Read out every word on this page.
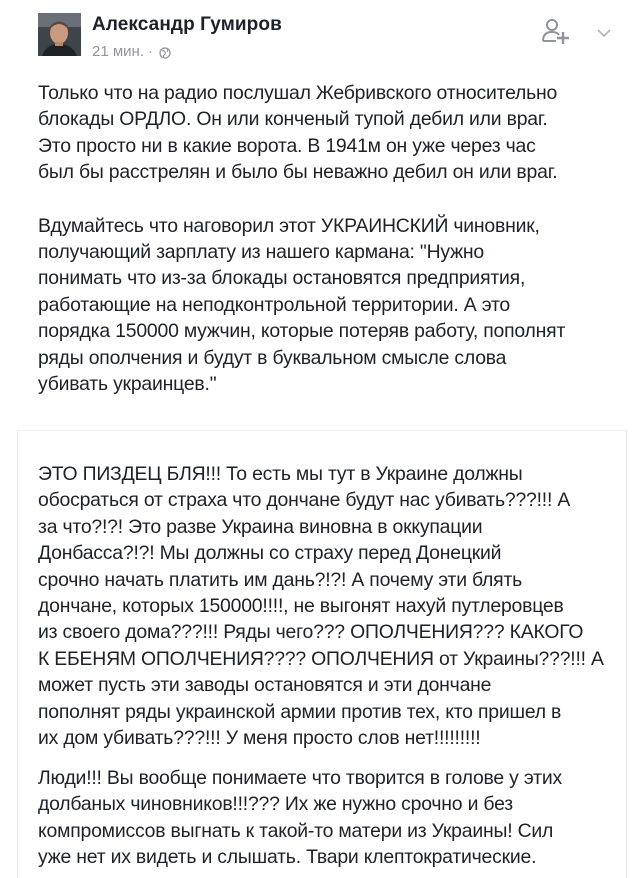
Александр Гумиров
21 мин. ·

Только что на радио послушал Жебривского относительно
блокады ОРДЛО. Он или конченый тупой дебил или враг.
Это просто ни в какие ворота. В 1941м он уже через час
был бы расстрелян и было бы неважно дебил он или враг.

Вдумайтесь что наговорил этот УКРАИНСКИЙ чиновник,
получающий зарплату из нашего кармана: "Нужно
понимать что из-за блокады остановятся предприятия,
работающие на неподконтрольной территории. А это
порядка 150000 мужчин, которые потеряв работу, пополнят
ряды ополчения и будут в буквальном смысле слова
убивать украинцев."

ЭТО ПИЗДЕЦ БЛЯ!!! То есть мы тут в Украине должны
обосраться от страха что дончане будут нас убивать???!!! А
за что?!?! Это разве Украина виновна в оккупации
Донбасса?!?! Мы должны со страху перед Донецкий
срочно начать платить им дань?!?! А почему эти блять
дончане, которых 150000!!!!, не выгонят нахуй путлеровцев
из своего дома???!!! Ряды чего??? ОПОЛЧЕНИЯ??? КАКОГО
К ЕБЕНЯМ ОПОЛЧЕНИЯ???? ОПОЛЧЕНИЯ от Украины???!!! А
может пусть эти заводы остановятся и эти дончане
пополнят ряды украинской армии против тех, кто пришел в
их дом убивать???!!! У меня просто слов нет!!!!!!!!!

Люди!!! Вы вообще понимаете что творится в голове у этих
долбаных чиновников!!!??? Их же нужно срочно и без
компромиссов выгнать к такой-то матери из Украины! Сил
уже нет их видеть и слышать. Твари клептократические.
